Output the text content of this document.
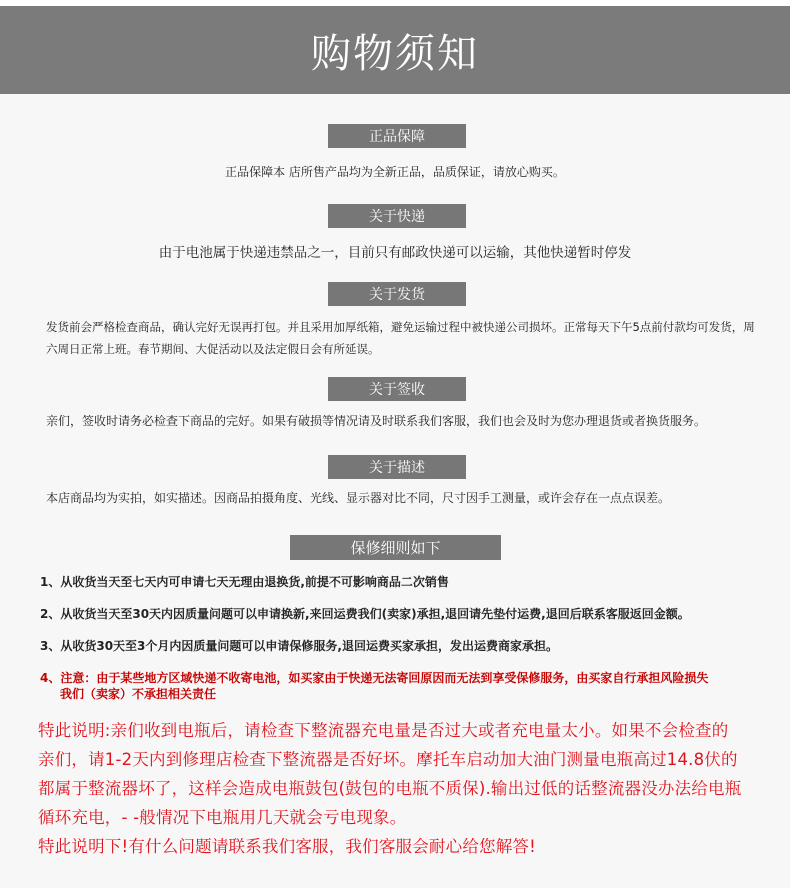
购物须知
正品保障
正品保障本 店所售产品均为全新正品，品质保证，请放心购买。
关于快递
由于电池属于快递违禁品之一，目前只有邮政快递可以运输，其他快递暂时停发
关于发货
发货前会严格检查商品，确认完好无误再打包。并且采用加厚纸箱，避免运输过程中被快递公司损坏。正常每天下午5点前付款均可发货，周六周日正常上班。春节期间、大促活动以及法定假日会有所延误。
关于签收
亲们，签收时请务必检查下商品的完好。如果有破损等情况请及时联系我们客服，我们也会及时为您办理退货或者换货服务。
关于描述
本店商品均为实拍，如实描述。因商品拍摄角度、光线、显示器对比不同，尺寸因手工测量，或许会存在一点点误差。
保修细则如下
1、从收货当天至七天内可申请七天无理由退换货,前提不可影响商品二次销售
2、从收货当天至30天内因质量问题可以申请换新,来回运费我们(卖家)承担,退回请先垫付运费,退回后联系客服返回金额。
3、从收货30天至3个月内因质量问题可以申请保修服务,退回运费买家承担，发出运费商家承担。
4、注意：由于某些地方区域快递不收寄电池，如买家由于快递无法寄回原因而无法到享受保修服务，由买家自行承担风险损失
我们（卖家）不承担相关责任
特此说明:亲们收到电瓶后，请检查下整流器充电量是否过大或者充电量太小。如果不会检查的
亲们，请1-2天内到修理店检查下整流器是否好坏。摩托车启动加大油门测量电瓶高过14.8伏的
都属于整流器坏了，这样会造成电瓶鼓包(鼓包的电瓶不质保).输出过低的话整流器没办法给电瓶
循环充电，- -般情况下电瓶用几天就会亏电现象。
特此说明下!有什么问题请联系我们客服，我们客服会耐心给您解答!
